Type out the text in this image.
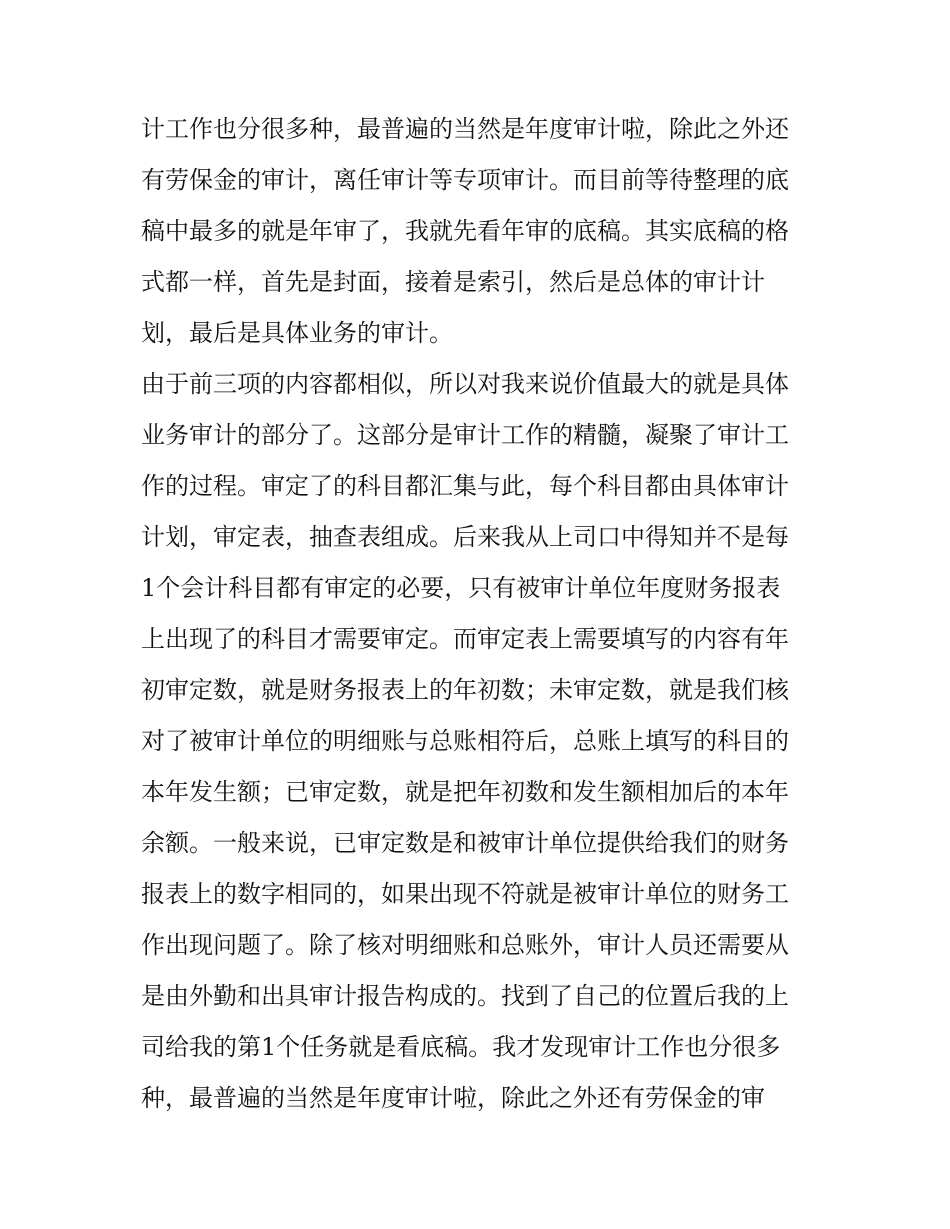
计工作也分很多种，最普遍的当然是年度审计啦，除此之外还
有劳保金的审计，离任审计等专项审计。而目前等待整理的底
稿中最多的就是年审了，我就先看年审的底稿。其实底稿的格
式都一样，首先是封面，接着是索引，然后是总体的审计计
划，最后是具体业务的审计。
由于前三项的内容都相似，所以对我来说价值最大的就是具体
业务审计的部分了。这部分是审计工作的精髓，凝聚了审计工
作的过程。审定了的科目都汇集与此，每个科目都由具体审计
计划，审定表，抽查表组成。后来我从上司口中得知并不是每
1个会计科目都有审定的必要，只有被审计单位年度财务报表
上出现了的科目才需要审定。而审定表上需要填写的内容有年
初审定数，就是财务报表上的年初数；未审定数，就是我们核
对了被审计单位的明细账与总账相符后，总账上填写的科目的
本年发生额；已审定数，就是把年初数和发生额相加后的本年
余额。一般来说，已审定数是和被审计单位提供给我们的财务
报表上的数字相同的，如果出现不符就是被审计单位的财务工
作出现问题了。除了核对明细账和总账外，审计人员还需要从
是由外勤和出具审计报告构成的。找到了自己的位置后我的上
司给我的第1个任务就是看底稿。我才发现审计工作也分很多
种，最普遍的当然是年度审计啦，除此之外还有劳保金的审
